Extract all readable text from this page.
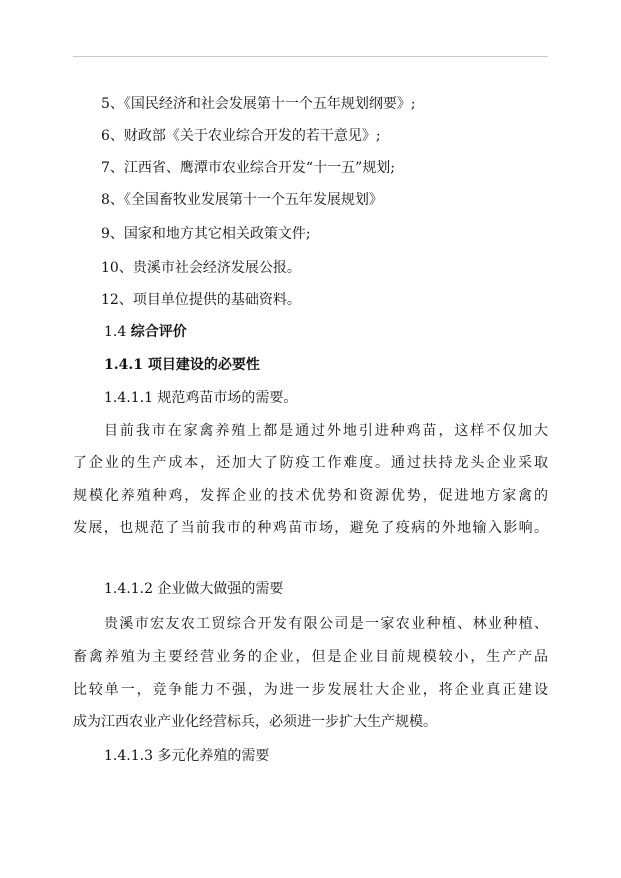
5、《国民经济和社会发展第十一个五年规划纲要》;
6、财政部《关于农业综合开发的若干意见》;
7、江西省、鹰潭市农业综合开发“十一五”规划;
8、《全国畜牧业发展第十一个五年发展规划》
9、国家和地方其它相关政策文件;
10、贵溪市社会经济发展公报。
12、项目单位提供的基础资料。
1.4 综合评价
1.4.1 项目建设的必要性
1.4.1.1 规范鸡苗市场的需要。
目前我市在家禽养殖上都是通过外地引进种鸡苗，这样不仅加大
了企业的生产成本，还加大了防疫工作难度。通过扶持龙头企业采取
规模化养殖种鸡，发挥企业的技术优势和资源优势，促进地方家禽的
发展，也规范了当前我市的种鸡苗市场，避免了疫病的外地输入影响。
1.4.1.2 企业做大做强的需要
贵溪市宏友农工贸综合开发有限公司是一家农业种植、林业种植、
畜禽养殖为主要经营业务的企业，但是企业目前规模较小，生产产品
比较单一，竞争能力不强，为进一步发展壮大企业，将企业真正建设
成为江西农业产业化经营标兵，必须进一步扩大生产规模。
1.4.1.3 多元化养殖的需要
